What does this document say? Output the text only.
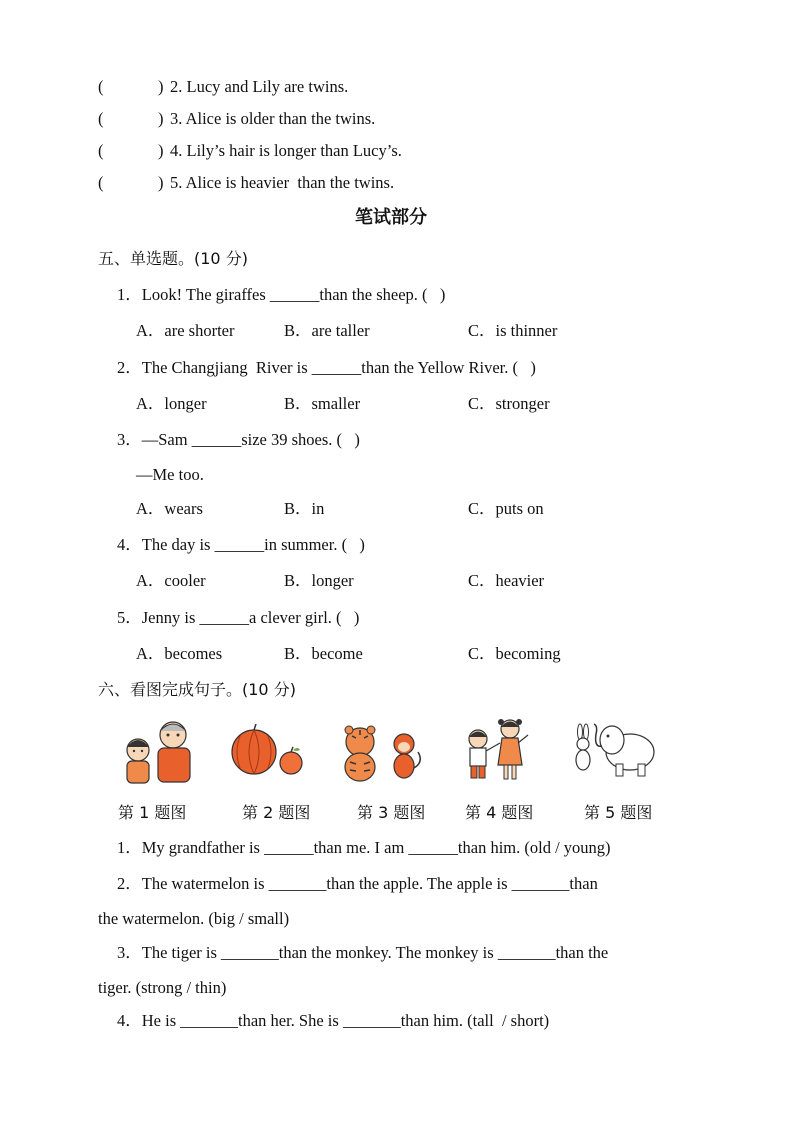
(	) 2. Lucy and Lily are twins.
(	) 3. Alice is older than the twins.
(	) 4. Lily’s hair is longer than Lucy’s.
(	) 5. Alice is heavier  than the twins.
笔试部分
五、单选题。(10 分)
1．Look! The giraffes ______than the sheep. (   )
A．are shorter	B．are taller	C．is thinner
2．The Changjiang  River is ______than the Yellow River. (   )
A．longer	B．smaller	C．stronger
3．—Sam ______size 39 shoes. (   )
—Me too.
A．wears	B．in	C．puts on
4．The day is ______in summer. (   )
A．cooler	B．longer	C．heavier
5．Jenny is ______a clever girl. (   )
A．becomes	B．become	C．becoming
六、看图完成句子。(10 分)
第 1 题图	第 2 题图	第 3 题图 第 4 题图	第 5 题图
1．My grandfather is ______than me. I am ______than him. (old / young)
2．The watermelon is _______than the apple. The apple is _______than
the watermelon. (big / small)
3．The tiger is _______than the monkey. The monkey is _______than the
tiger. (strong / thin)
4．He is _______than her. She is _______than him. (tall  / short)
